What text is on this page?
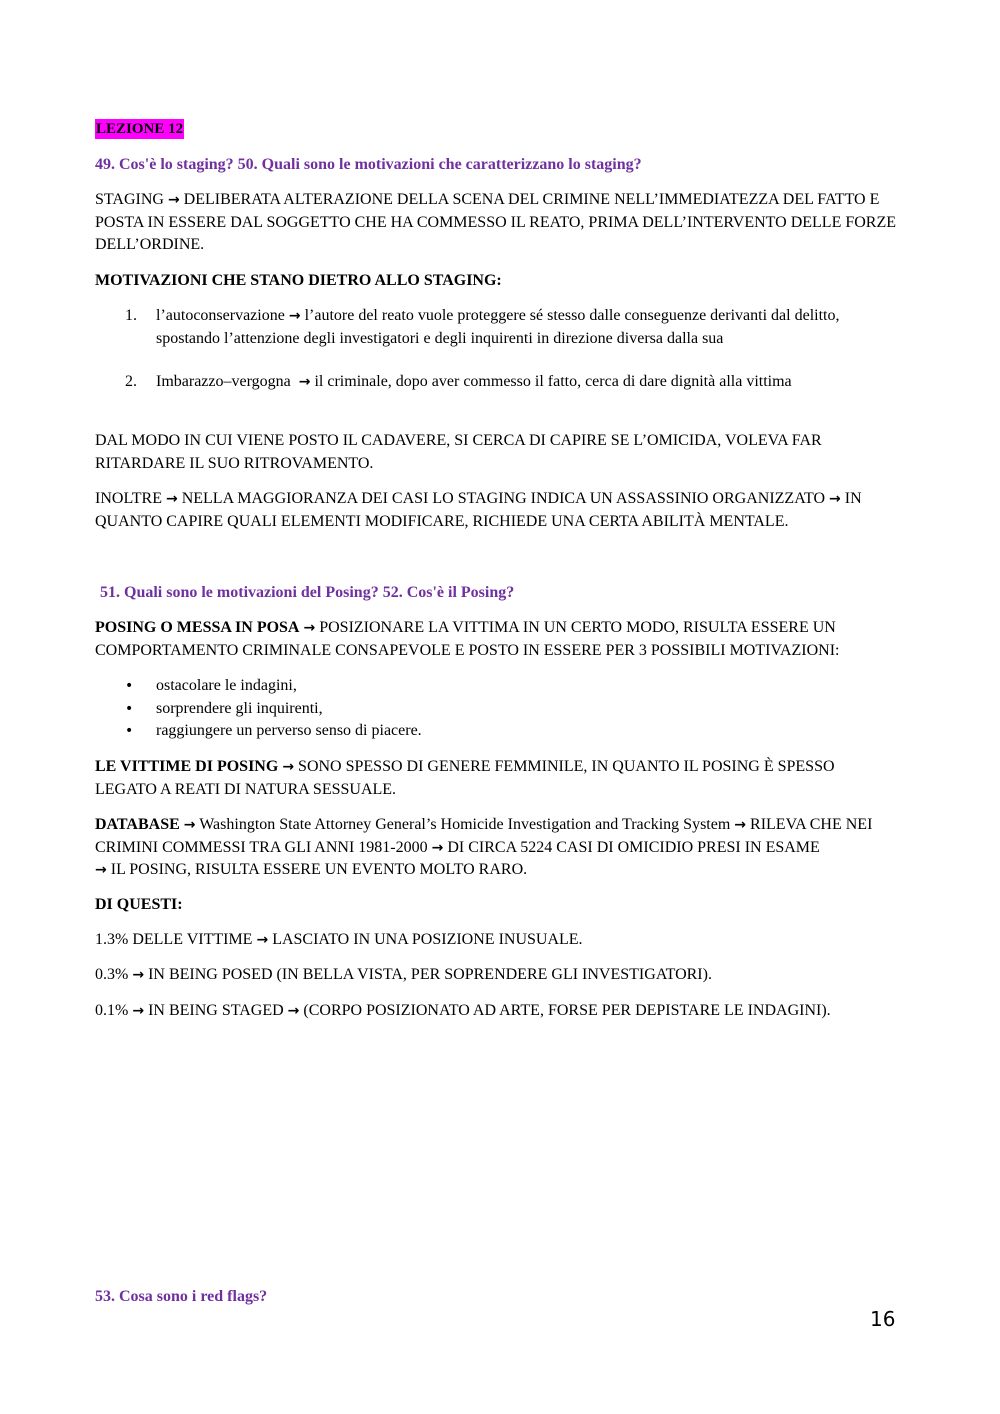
LEZIONE 12

49. Cos'è lo staging? 50. Quali sono le motivazioni che caratterizzano lo staging?

STAGING → DELIBERATA ALTERAZIONE DELLA SCENA DEL CRIMINE NELL’IMMEDIATEZZA DEL FATTO E POSTA IN ESSERE DAL SOGGETTO CHE HA COMMESSO IL REATO, PRIMA DELL’INTERVENTO DELLE FORZE DELL’ORDINE.

MOTIVAZIONI CHE STANO DIETRO ALLO STAGING:

1. l’autoconservazione → l’autore del reato vuole proteggere sé stesso dalle conseguenze derivanti dal delitto, spostando l’attenzione degli investigatori e degli inquirenti in direzione diversa dalla sua
2. Imbarazzo–vergogna → il criminale, dopo aver commesso il fatto, cerca di dare dignità alla vittima

DAL MODO IN CUI VIENE POSTO IL CADAVERE, SI CERCA DI CAPIRE SE L’OMICIDA, VOLEVA FAR RITARDARE IL SUO RITROVAMENTO.

INOLTRE → NELLA MAGGIORANZA DEI CASI LO STAGING INDICA UN ASSASSINIO ORGANIZZATO → IN QUANTO CAPIRE QUALI ELEMENTI MODIFICARE, RICHIEDE UNA CERTA ABILITÀ MENTALE.

51. Quali sono le motivazioni del Posing? 52. Cos'è il Posing?

POSING O MESSA IN POSA → POSIZIONARE LA VITTIMA IN UN CERTO MODO, RISULTA ESSERE UN COMPORTAMENTO CRIMINALE CONSAPEVOLE E POSTO IN ESSERE PER 3 POSSIBILI MOTIVAZIONI:

• ostacolare le indagini,
• sorprendere gli inquirenti,
• raggiungere un perverso senso di piacere.

LE VITTIME DI POSING → SONO SPESSO DI GENERE FEMMINILE, IN QUANTO IL POSING È SPESSO LEGATO A REATI DI NATURA SESSUALE.

DATABASE → Washington State Attorney General’s Homicide Investigation and Tracking System → RILEVA CHE NEI CRIMINI COMMESSI TRA GLI ANNI 1981-2000 → DI CIRCA 5224 CASI DI OMICIDIO PRESI IN ESAME
→ IL POSING, RISULTA ESSERE UN EVENTO MOLTO RARO.

DI QUESTI:

1.3% DELLE VITTIME → LASCIATO IN UNA POSIZIONE INUSUALE.

0.3% → IN BEING POSED (IN BELLA VISTA, PER SOPRENDERE GLI INVESTIGATORI).

0.1% → IN BEING STAGED → (CORPO POSIZIONATO AD ARTE, FORSE PER DEPISTARE LE INDAGINI).

53. Cosa sono i red flags?

16
